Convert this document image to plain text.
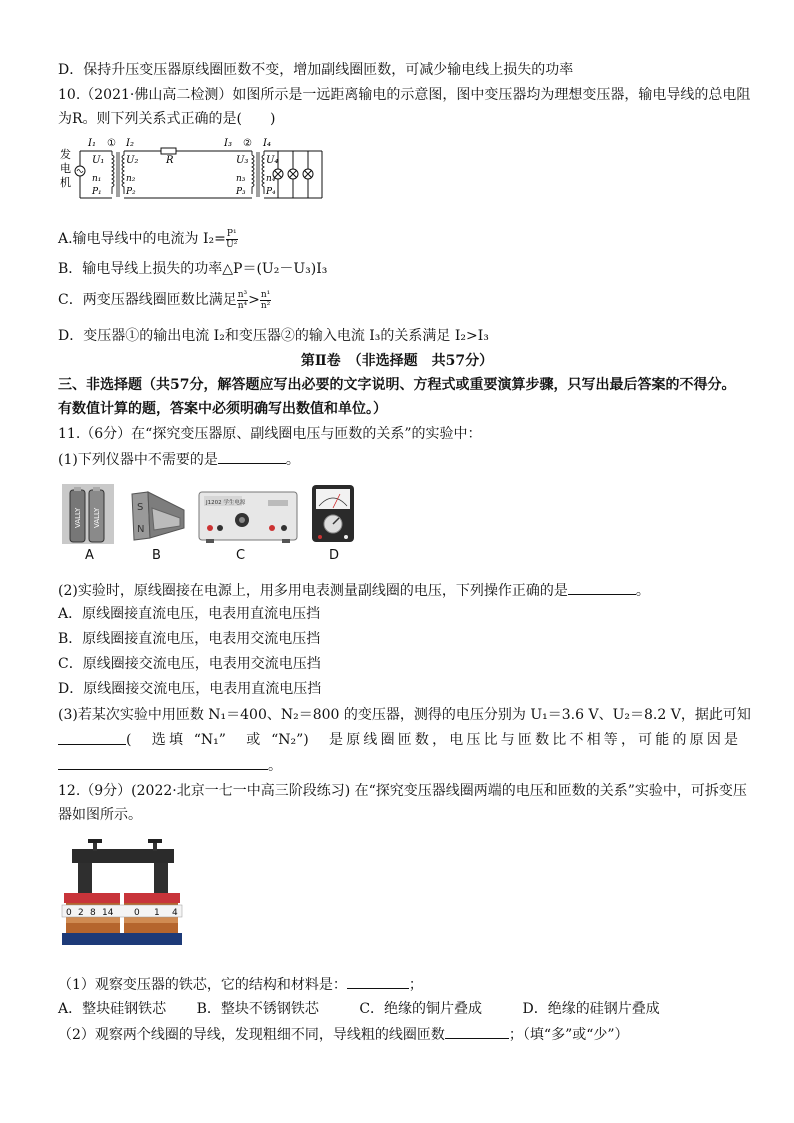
D．保持升压变压器原线圈匝数不变，增加副线圈匝数，可减少输电线上损失的功率
10.（2021·佛山高二检测）如图所示是一远距离输电的示意图，图中变压器均为理想变压器，输电导线的总电阻
为R。则下列关系式正确的是(　　)
发
电
机
I₁ ① I₂
R
I₃ ② I₄
U₁
n₁
P₁
U₂
n₂
P₂
U₃
n₃
P₃
U₄
n₄
P₄
A.输电导线中的电流为 $I_2= \frac{\text{P¹}}{\text{U²}}$
B．输电导线上损失的功率△P＝(U₂－U₃)I₃
C．两变压器线圈匝数比满足 $\frac{\text{n³}}{\text{n⁴}} > \frac{\text{n¹}}{\text{n²}}$
D．变压器①的输出电流 I₂和变压器②的输入电流 I₃的关系满足 I₂>I₃
第Ⅱ卷　（非选择题　共57分）
三、非选择题（共57分，解答题应写出必要的文字说明、方程式或重要演算步骤，只写出最后答案的不得分。
有数值计算的题，答案中必须明确写出数值和单位。）
11.（6分）在“探究变压器原、副线圈电压与匝数的关系”的实验中：
(1)下列仪器中不需要的是	。
VALLY VALLY
S
N
J1202 学生电源
A	B	C	D
(2)实验时，原线圈接在电源上，用多用电表测量副线圈的电压，下列操作正确的是	。
A．原线圈接直流电压，电表用直流电压挡
B．原线圈接直流电压，电表用交流电压挡
C．原线圈接交流电压，电表用交流电压挡
D．原线圈接交流电压，电表用直流电压挡
(3)若某次实验中用匝数 N₁＝400、N₂＝800 的变压器，测得的电压分别为 U₁＝3.6 V、U₂＝8.2 V，据此可知
(　选填 “N₁”　或 “N₂”)　是原线圈匝数，电压比与匝数比不相等，可能的原因是
。
12.（9分）(2022·北京一七一中高三阶段练习) 在“探究变压器线圈两端的电压和匝数的关系”实验中，可拆变压
器如图所示。
0 2 8 14 0 1 4
（1）观察变压器的铁芯，它的结构和材料是：	；
A．整块硅钢铁芯 B．整块不锈钢铁芯	C．绝缘的铜片叠成	D．绝缘的硅钢片叠成
（2）观察两个线圈的导线，发现粗细不同，导线粗的线圈匝数	；（填“多”或“少”）
